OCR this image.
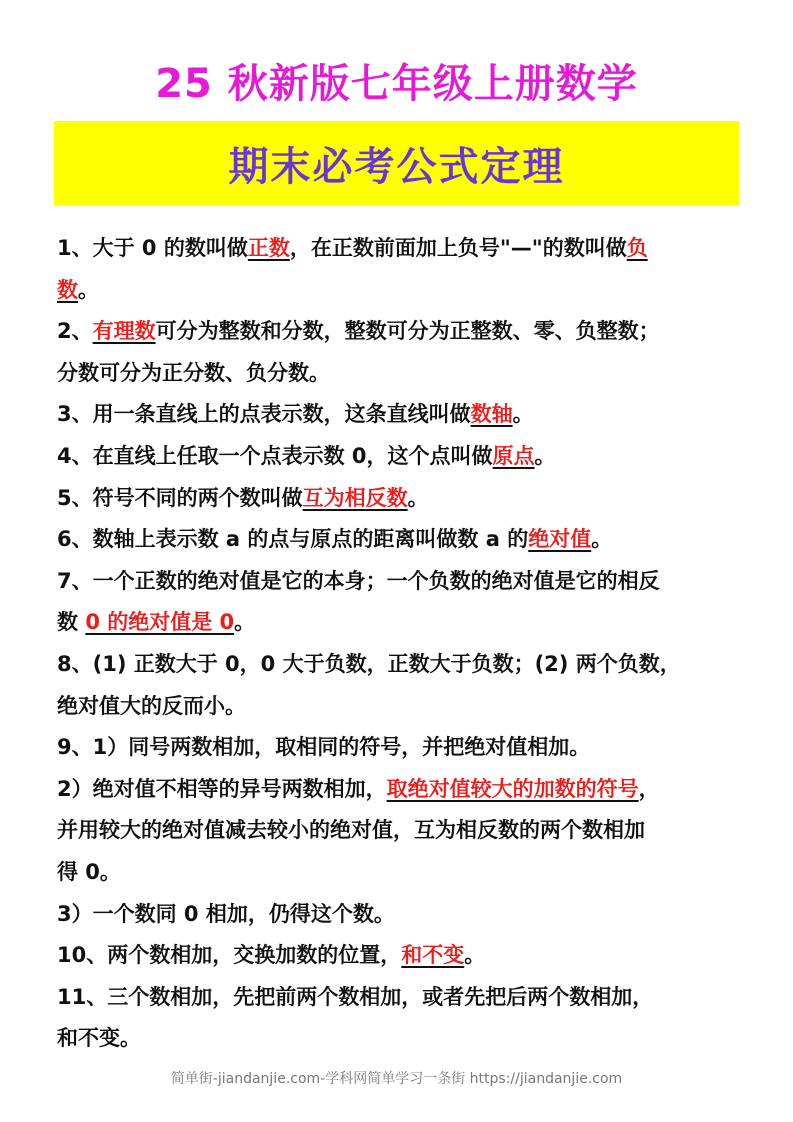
25 秋新版七年级上册数学
期末必考公式定理

1、大于 0 的数叫做正数，在正数前面加上负号"—"的数叫做负

数。

2、有理数可分为整数和分数，整数可分为正整数、零、负整数；

分数可分为正分数、负分数。

3、用一条直线上的点表示数，这条直线叫做数轴。

4、在直线上任取一个点表示数 0，这个点叫做原点。

5、符号不同的两个数叫做互为相反数。

6、数轴上表示数 a 的点与原点的距离叫做数 a 的绝对值。

7、一个正数的绝对值是它的本身；一个负数的绝对值是它的相反

数 0 的绝对值是 0。

8、(1) 正数大于 0，0 大于负数，正数大于负数；(2) 两个负数，

绝对值大的反而小。

9、1）同号两数相加，取相同的符号，并把绝对值相加。

2）绝对值不相等的异号两数相加，取绝对值较大的加数的符号，

并用较大的绝对值减去较小的绝对值，互为相反数的两个数相加

得 0。

3）一个数同 0 相加，仍得这个数。

10、两个数相加，交换加数的位置，和不变。

11、三个数相加，先把前两个数相加，或者先把后两个数相加，

和不变。

简单街-jiandanjie.com-学科网简单学习一条街 https://jiandanjie.com
